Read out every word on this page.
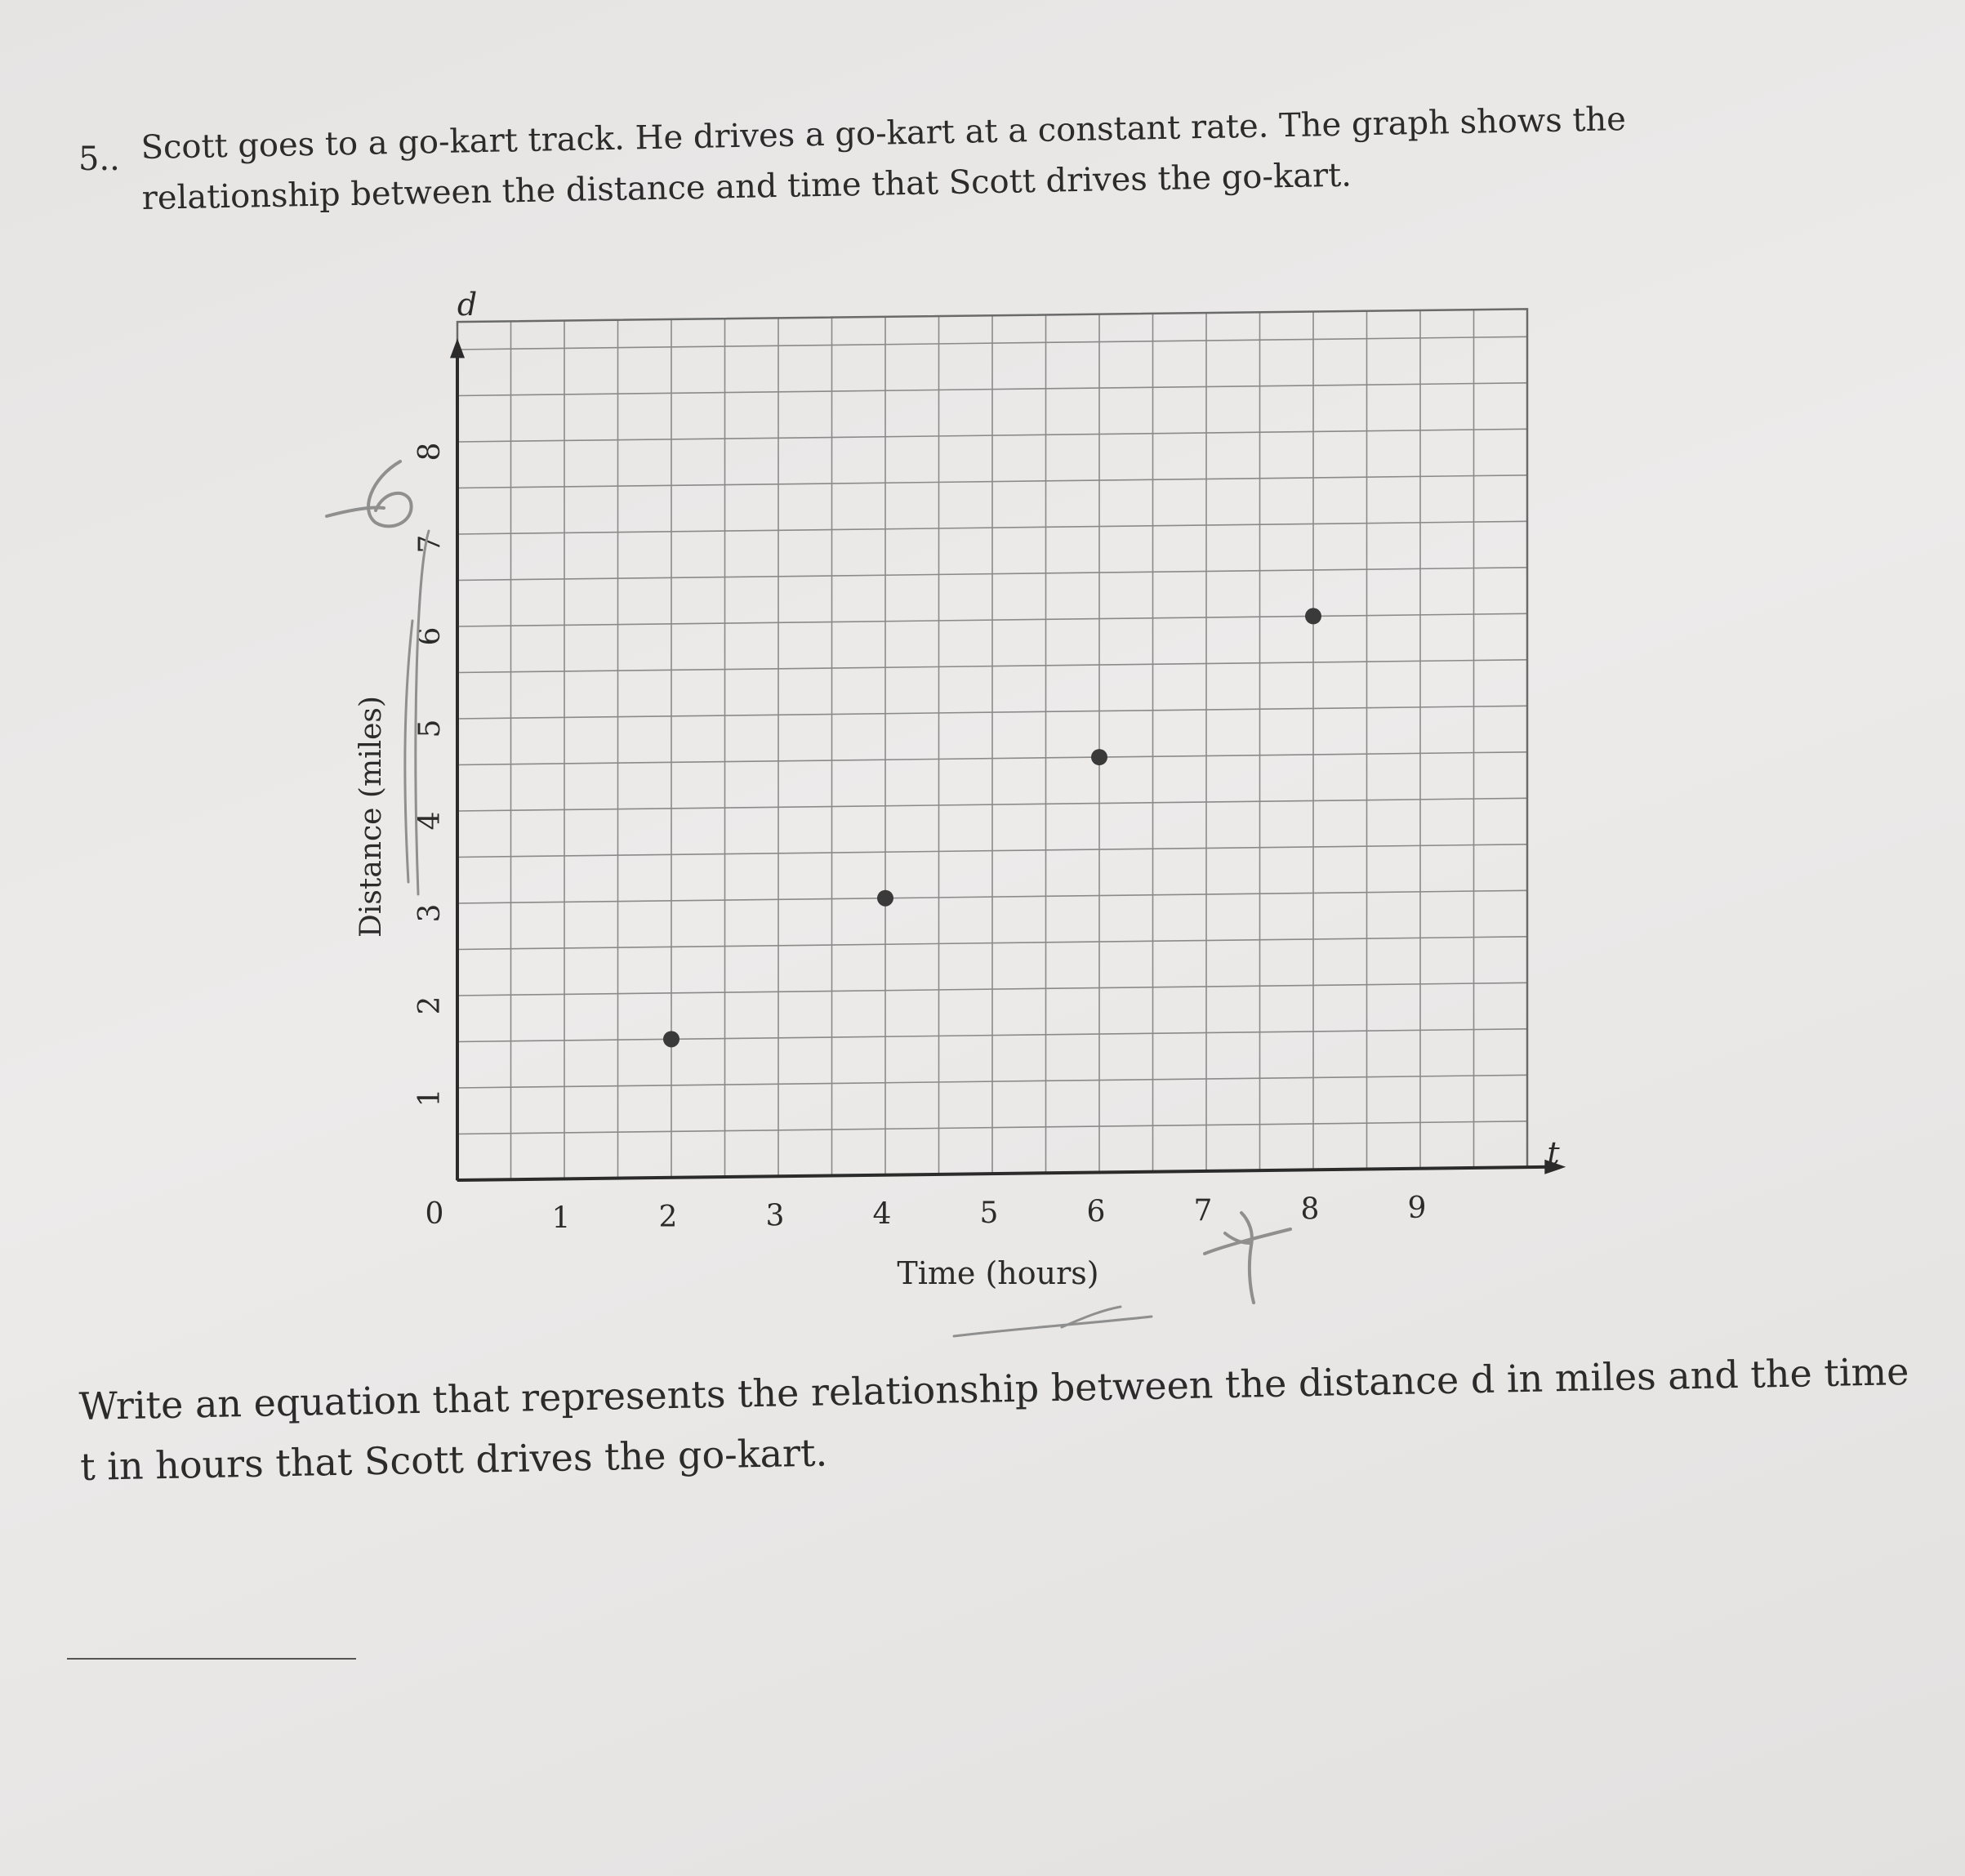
5.. Scott goes to a go-kart track. He drives a go-kart at a constant rate. The graph shows the relationship between the distance and time that Scott drives the go-kart.
1	2	3	4	5	6	7	8	9
1
2
3
4
5
6
7
8
Time (hours)
Distance (miles)
d
t
0
Write an equation that represents the relationship between the distance d in miles and the time t in hours that Scott drives the go-kart.
